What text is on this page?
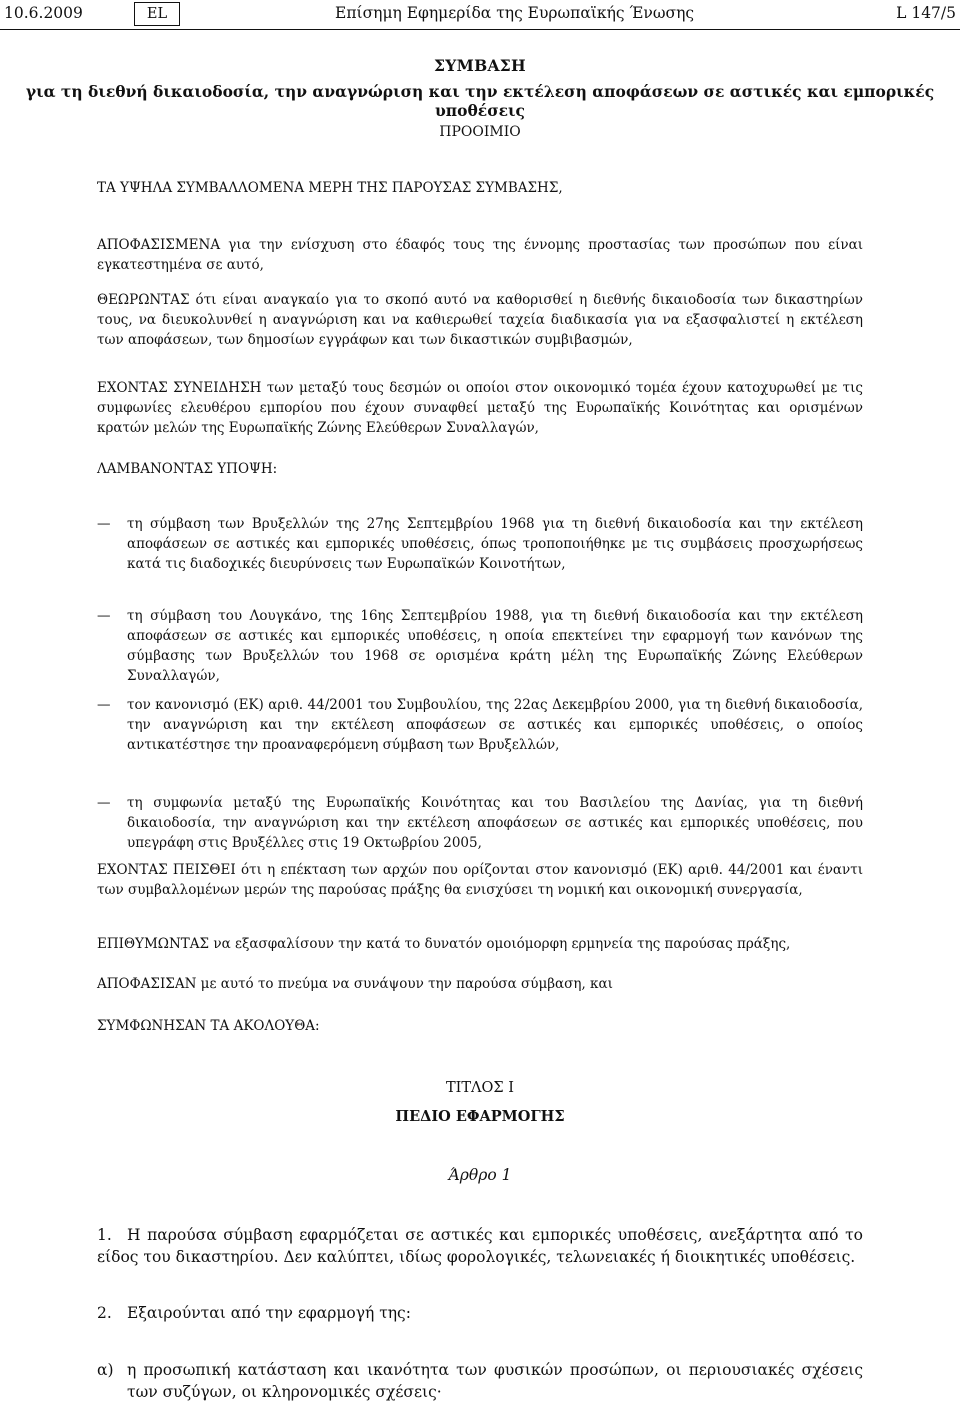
10.6.2009	EL	Επίσημη Εφημερίδα της Ευρωπαϊκής Ένωσης	L 147/5
ΣΥΜΒΑΣΗ
για τη διεθνή δικαιοδοσία, την αναγνώριση και την εκτέλεση αποφάσεων σε αστικές και εμπορικές υποθέσεις
ΠΡΟΟΙΜΙΟ
ΤΑ ΥΨΗΛΑ ΣΥΜΒΑΛΛΟΜΕΝΑ ΜΕΡΗ ΤΗΣ ΠΑΡΟΥΣΑΣ ΣΥΜΒΑΣΗΣ,
ΑΠΟΦΑΣΙΣΜΕΝΑ για την ενίσχυση στο έδαφός τους της έννομης προστασίας των προσώπων που είναι εγκατεστημένα σε αυτό,
ΘΕΩΡΩΝΤΑΣ ότι είναι αναγκαίο για το σκοπό αυτό να καθορισθεί η διεθνής δικαιοδοσία των δικαστηρίων τους, να διευκολυνθεί η αναγνώριση και να καθιερωθεί ταχεία διαδικασία για να εξασφαλιστεί η εκτέλεση των αποφάσεων, των δημοσίων εγγράφων και των δικαστικών συμβιβασμών,
ΕΧΟΝΤΑΣ ΣΥΝΕΙΔΗΣΗ των μεταξύ τους δεσμών οι οποίοι στον οικονομικό τομέα έχουν κατοχυρωθεί με τις συμφωνίες ελευθέρου εμπορίου που έχουν συναφθεί μεταξύ της Ευρωπαϊκής Κοινότητας και ορισμένων κρατών μελών της Ευρωπαϊκής Ζώνης Ελεύθερων Συναλλαγών,
ΛΑΜΒΑΝΟΝΤΑΣ ΥΠΟΨΗ:
—	τη σύμβαση των Βρυξελλών της 27ης Σεπτεμβρίου 1968 για τη διεθνή δικαιοδοσία και την εκτέλεση αποφάσεων σε αστικές και εμπορικές υποθέσεις, όπως τροποποιήθηκε με τις συμβάσεις προσχωρήσεως κατά τις διαδοχικές διευρύνσεις των Ευρωπαϊκών Κοινοτήτων,
—	τη σύμβαση του Λουγκάνο, της 16ης Σεπτεμβρίου 1988, για τη διεθνή δικαιοδοσία και την εκτέλεση αποφάσεων σε αστικές και εμπορικές υποθέσεις, η οποία επεκτείνει την εφαρμογή των κανόνων της σύμβασης των Βρυξελλών του 1968 σε ορισμένα κράτη μέλη της Ευρωπαϊκής Ζώνης Ελεύθερων Συναλλαγών,
—	τον κανονισμό (ΕΚ) αριθ. 44/2001 του Συμβουλίου, της 22ας Δεκεμβρίου 2000, για τη διεθνή δικαιοδοσία, την αναγνώριση και την εκτέλεση αποφάσεων σε αστικές και εμπορικές υποθέσεις, ο οποίος αντικατέστησε την προαναφερόμενη σύμβαση των Βρυξελλών,
—	τη συμφωνία μεταξύ της Ευρωπαϊκής Κοινότητας και του Βασιλείου της Δανίας, για τη διεθνή δικαιοδοσία, την αναγνώριση και την εκτέλεση αποφάσεων σε αστικές και εμπορικές υποθέσεις, που υπεγράφη στις Βρυξέλλες στις 19 Οκτωβρίου 2005,
ΕΧΟΝΤΑΣ ΠΕΙΣΘΕΙ ότι η επέκταση των αρχών που ορίζονται στον κανονισμό (ΕΚ) αριθ. 44/2001 και έναντι των συμβαλλομένων μερών της παρούσας πράξης θα ενισχύσει τη νομική και οικονομική συνεργασία,
ΕΠΙΘΥΜΩΝΤΑΣ να εξασφαλίσουν την κατά το δυνατόν ομοιόμορφη ερμηνεία της παρούσας πράξης,
ΑΠΟΦΑΣΙΣΑΝ με αυτό το πνεύμα να συνάψουν την παρούσα σύμβαση, και
ΣΥΜΦΩΝΗΣΑΝ ΤΑ ΑΚΟΛΟΥΘΑ:
ΤΙΤΛΟΣ I
ΠΕΔΙΟ ΕΦΑΡΜΟΓΗΣ
Άρθρο 1
1. Η παρούσα σύμβαση εφαρμόζεται σε αστικές και εμπορικές υποθέσεις, ανεξάρτητα από το είδος του δικαστηρίου. Δεν καλύπτει, ιδίως φορολογικές, τελωνειακές ή διοικητικές υποθέσεις.
2. Εξαιρούνται από την εφαρμογή της:
α) η προσωπική κατάσταση και ικανότητα των φυσικών προσώπων, οι περιουσιακές σχέσεις των συζύγων, οι κληρονομικές σχέσεις·
